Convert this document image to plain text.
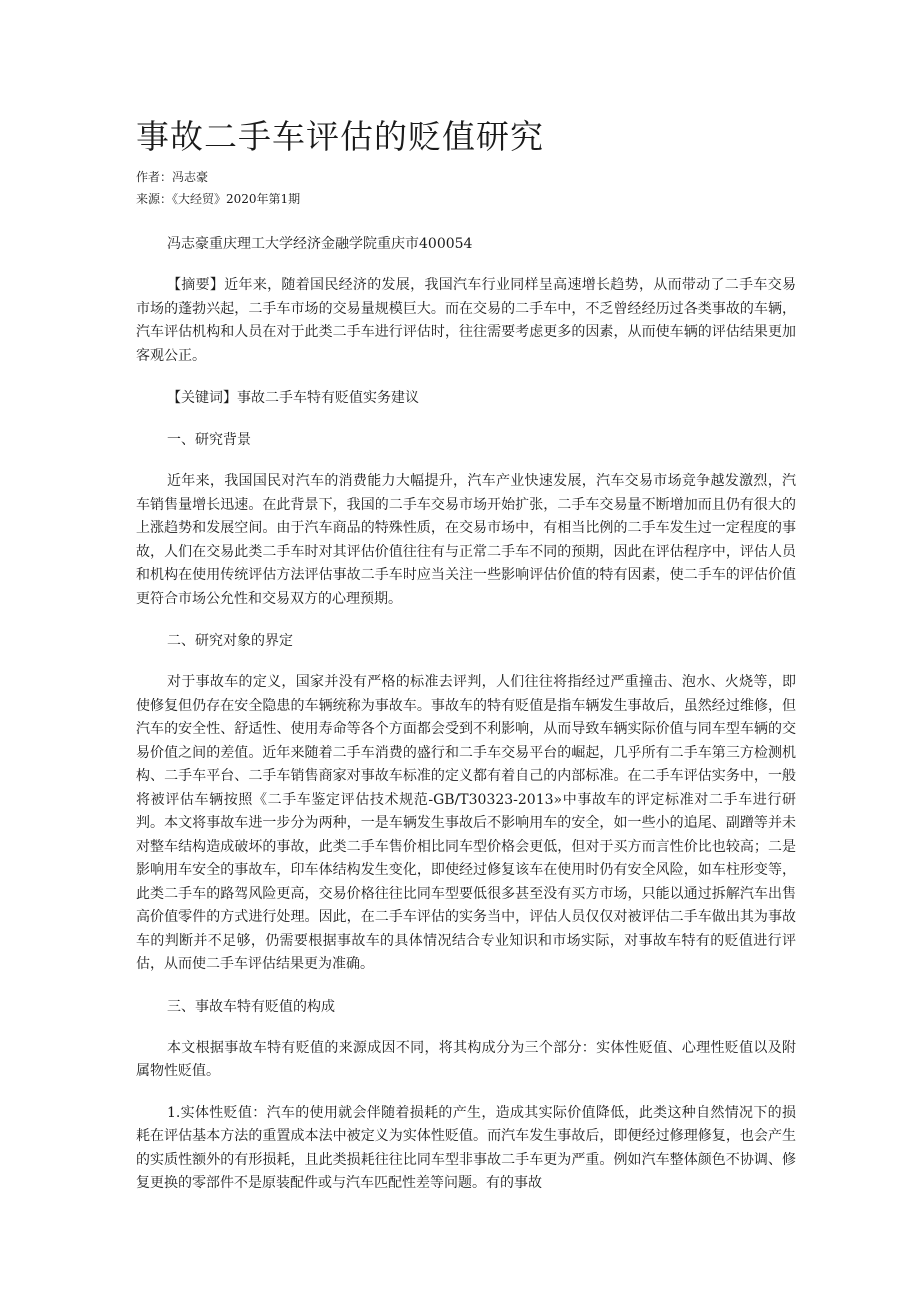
事故二手车评估的贬值研究

作者：冯志豪

来源：《大经贸》2020年第1期

冯志豪重庆理工大学经济金融学院重庆市400054

【摘要】近年来，随着国民经济的发展，我国汽车行业同样呈高速增长趋势，从而带动了二手车交易市场的蓬勃兴起，二手车市场的交易量规模巨大。而在交易的二手车中，不乏曾经经历过各类事故的车辆，汽车评估机构和人员在对于此类二手车进行评估时，往往需要考虑更多的因素，从而使车辆的评估结果更加客观公正。

【关键词】事故二手车特有贬值实务建议

一、研究背景

近年来，我国国民对汽车的消费能力大幅提升，汽车产业快速发展，汽车交易市场竞争越发激烈，汽车销售量增长迅速。在此背景下，我国的二手车交易市场开始扩张，二手车交易量不断增加而且仍有很大的上涨趋势和发展空间。由于汽车商品的特殊性质，在交易市场中，有相当比例的二手车发生过一定程度的事故，人们在交易此类二手车时对其评估价值往往有与正常二手车不同的预期，因此在评估程序中，评估人员和机构在使用传统评估方法评估事故二手车时应当关注一些影响评估价值的特有因素，使二手车的评估价值更符合市场公允性和交易双方的心理预期。

二、研究对象的界定

对于事故车的定义，国家并没有严格的标准去评判，人们往往将指经过严重撞击、泡水、火烧等，即使修复但仍存在安全隐患的车辆统称为事故车。事故车的特有贬值是指车辆发生事故后，虽然经过维修，但汽车的安全性、舒适性、使用寿命等各个方面都会受到不利影响，从而导致车辆实际价值与同车型车辆的交易价值之间的差值。近年来随着二手车消费的盛行和二手车交易平台的崛起，几乎所有二手车第三方检测机构、二手车平台、二手车销售商家对事故车标准的定义都有着自己的内部标准。在二手车评估实务中，一般将被评估车辆按照《二手车鉴定评估技术规范-GB/T30323-2013»中事故车的评定标准对二手车进行研判。本文将事故车进一步分为两种，一是车辆发生事故后不影响用车的安全，如一些小的追尾、副蹭等并未对整车结构造成破坏的事故，此类二手车售价相比同车型价格会更低，但对于买方而言性价比也较高；二是影响用车安全的事故车，印车体结构发生变化，即使经过修复该车在使用时仍有安全风险，如车柱形变等，此类二手车的路驾风险更高，交易价格往往比同车型要低很多甚至没有买方市场，只能以通过拆解汽车出售高价值零件的方式进行处理。因此，在二手车评估的实务当中，评估人员仅仅对被评估二手车做出其为事故车的判断并不足够，仍需要根据事故车的具体情况结合专业知识和市场实际，对事故车特有的贬值进行评估，从而使二手车评估结果更为准确。

三、事故车特有贬值的构成

本文根据事故车特有贬值的来源成因不同，将其构成分为三个部分：实体性贬值、心理性贬值以及附属物性贬值。

1.实体性贬值：汽车的使用就会伴随着损耗的产生，造成其实际价值降低，此类这种自然情况下的损耗在评估基本方法的重置成本法中被定义为实体性贬值。而汽车发生事故后，即便经过修理修复，也会产生的实质性额外的有形损耗，且此类损耗往往比同车型非事故二手车更为严重。例如汽车整体颜色不协调、修复更换的零部件不是原装配件或与汽车匹配性差等问题。有的事故
